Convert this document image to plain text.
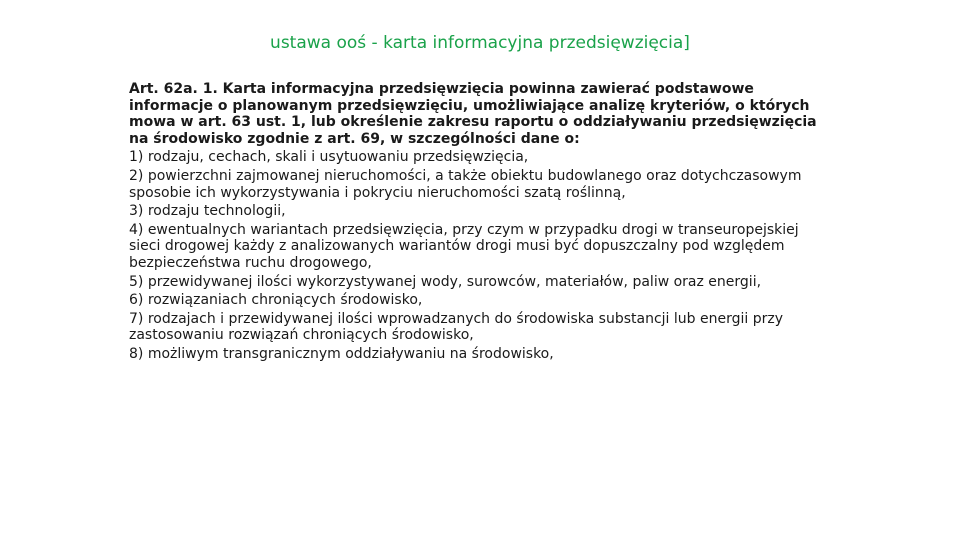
ustawa ooś - karta informacyjna przedsięwzięcia]

Art. 62a. 1. Karta informacyjna przedsięwzięcia powinna zawierać podstawowe informacje o planowanym przedsięwzięciu, umożliwiające analizę kryteriów, o których mowa w art. 63 ust. 1, lub określenie zakresu raportu o oddziaływaniu przedsięwzięcia na środowisko zgodnie z art. 69, w szczególności dane o:

1) rodzaju, cechach, skali i usytuowaniu przedsięwzięcia,

2) powierzchni zajmowanej nieruchomości, a także obiektu budowlanego oraz dotychczasowym sposobie ich wykorzystywania i pokryciu nieruchomości szatą roślinną,

3) rodzaju technologii,

4) ewentualnych wariantach przedsięwzięcia, przy czym w przypadku drogi w transeuropejskiej sieci drogowej każdy z analizowanych wariantów drogi musi być dopuszczalny pod względem bezpieczeństwa ruchu drogowego,

5) przewidywanej ilości wykorzystywanej wody, surowców, materiałów, paliw oraz energii,

6) rozwiązaniach chroniących środowisko,

7) rodzajach i przewidywanej ilości wprowadzanych do środowiska substancji lub energii przy zastosowaniu rozwiązań chroniących środowisko,

8) możliwym transgranicznym oddziaływaniu na środowisko,
